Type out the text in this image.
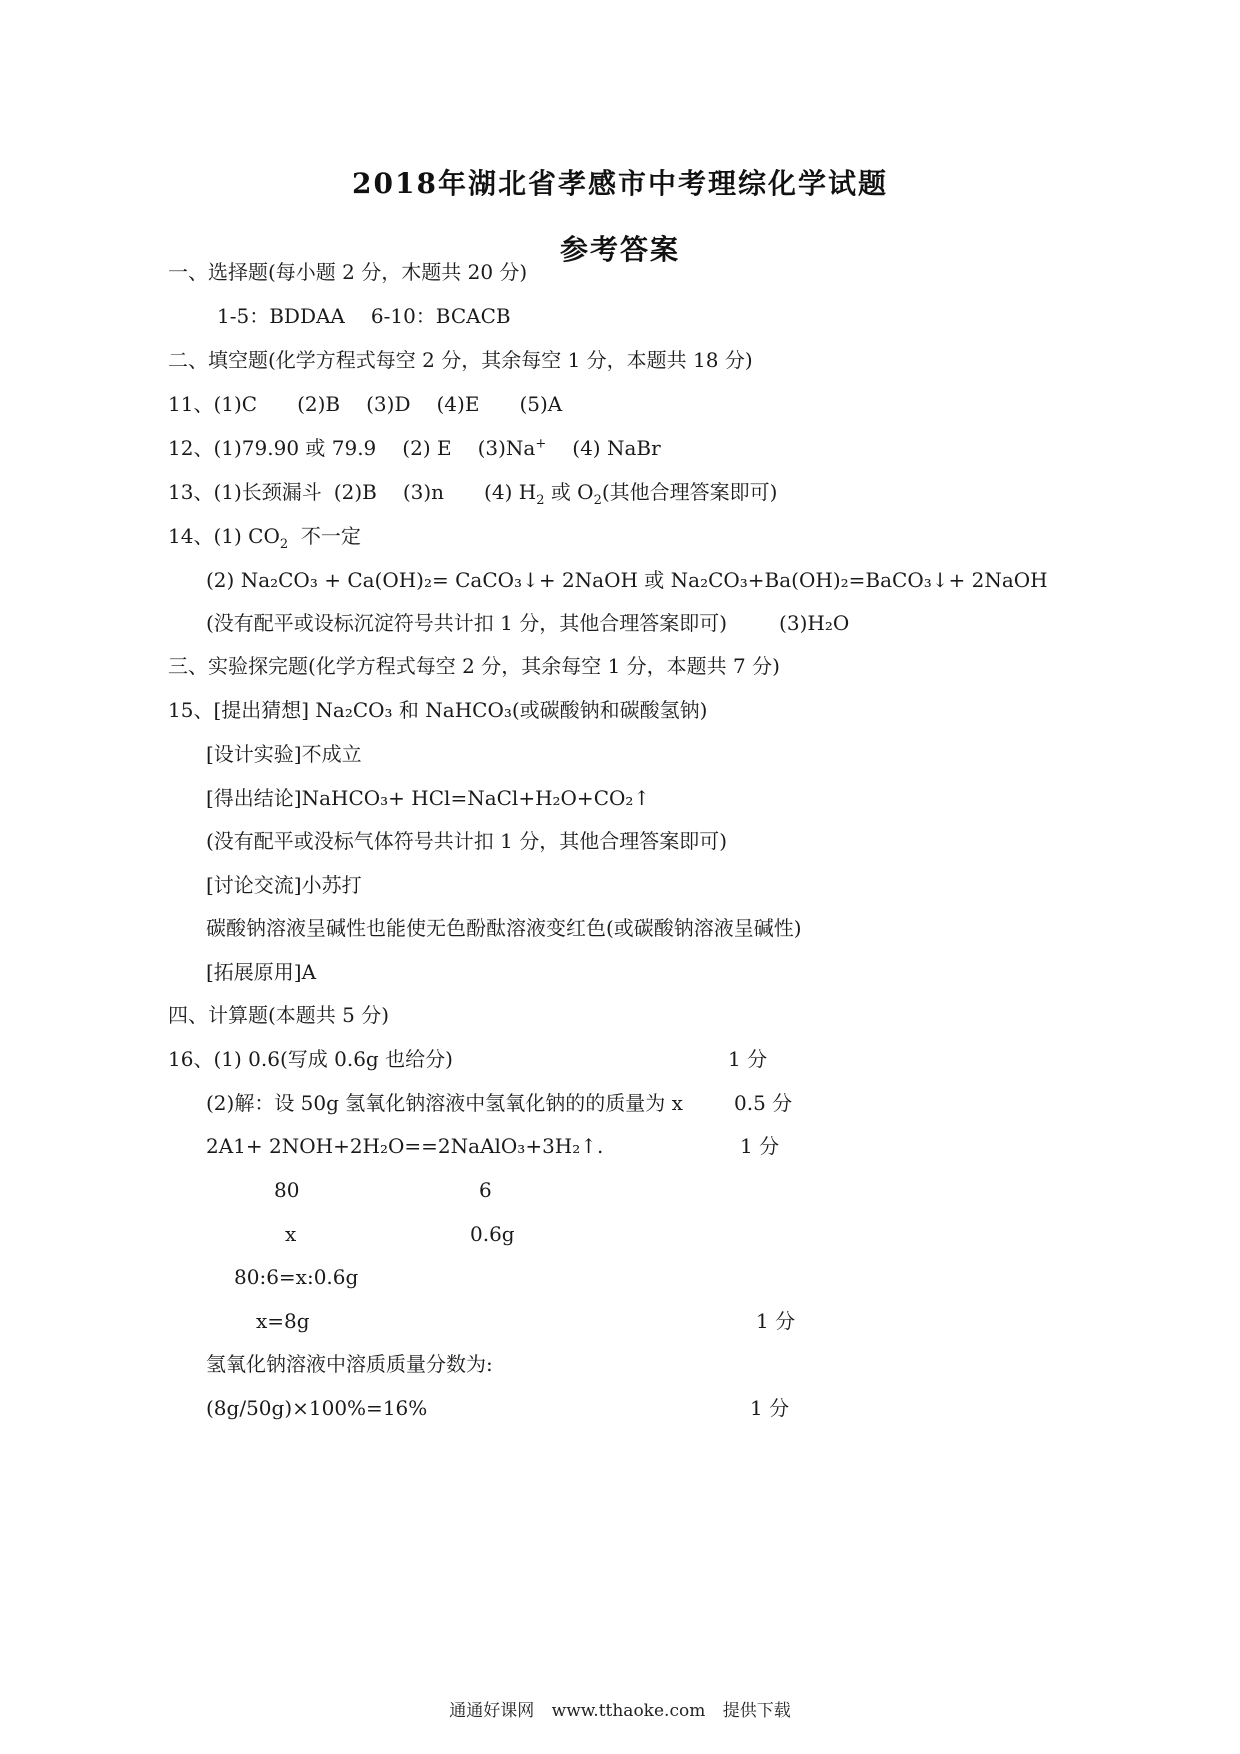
2018年湖北省孝感市中考理综化学试题
参考答案
一、选择题(每小题 2 分，木题共 20 分)
1-5：BDDAA 6-10：BCACB
二、填空题(化学方程式每空 2 分，其余每空 1 分，本题共 18 分)
11、(1)C (2)B (3)D (4)E (5)A
12、(1)79.90 或 79.9 (2) E (3)Na+ (4) NaBr
13、(1)长颈漏斗 (2)B (3)n (4) $H_2$ 或 $O_2$(其他合理答案即可)
14、(1) $CO_2$  不一定
(2) Na₂CO₃ + Ca(OH)₂= CaCO₃↓+ 2NaOH 或 Na₂CO₃+Ba(OH)₂=BaCO₃↓+ 2NaOH
(没有配平或设标沉淀符号共计扣 1 分，其他合理答案即可)	(3)H₂O
三、实验探完题(化学方程式每空 2 分，其余每空 1 分，本题共 7 分)
15、[提出猜想] Na₂CO₃ 和 NaHCO₃(或碳酸钠和碳酸氢钠)
[设计实验]不成立
[得出结论]NaHCO₃+ HCl=NaCl+H₂O+CO₂↑
(没有配平或没标气体符号共计扣 1 分，其他合理答案即可)
[讨论交流]小苏打
碳酸钠溶液呈碱性也能使无色酚酞溶液变红色(或碳酸钠溶液呈碱性)
[拓展原用]A
四、计算题(本题共 5 分)
16、(1) 0.6(写成 0.6g 也给分)	1 分
(2)解：设 50g 氢氧化钠溶液中氢氧化钠的的质量为 x	0.5 分
2A1+ 2NOH+2H₂O==2NaAlO₃+3H₂↑.	1 分
80	6
x	0.6g
80:6=x:0.6g
x=8g	1 分
氢氧化钠溶液中溶质质量分数为:
(8g/50g)×100%=16%	1 分
通通好课网 www.tthaoke.com 提供下载
